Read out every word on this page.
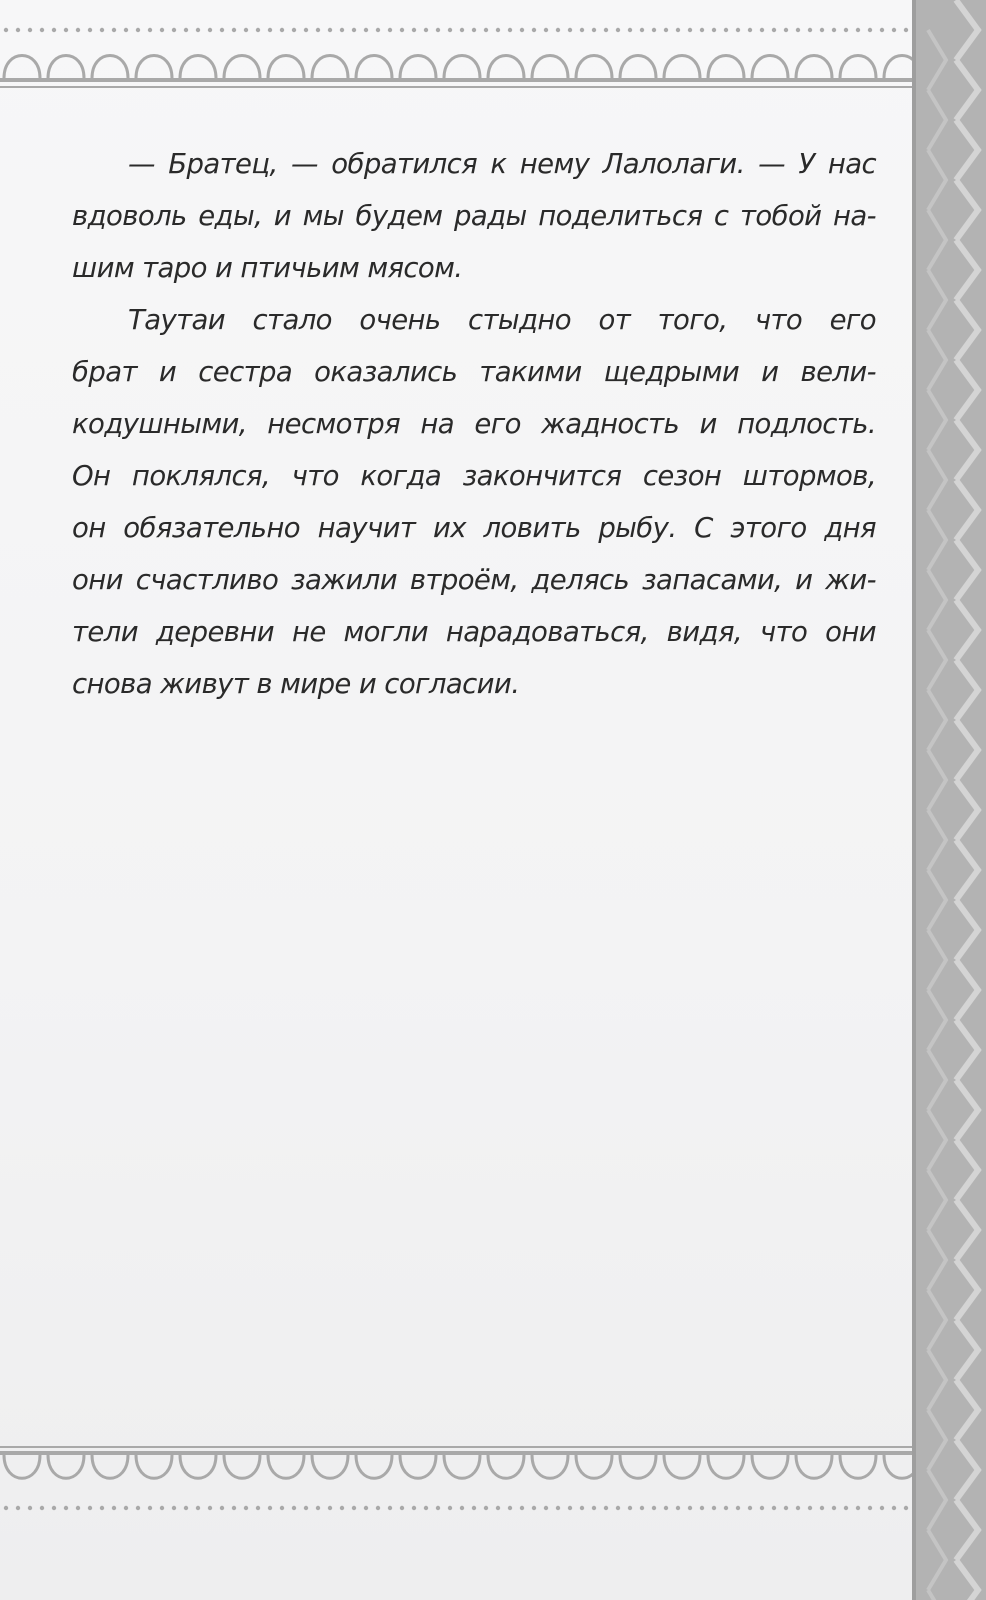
— Братец, — обратился к нему Лалолаги. — У нас
вдоволь еды, и мы будем рады поделиться с тобой на-
шим таро и птичьим мясом.

Таутаи стало очень стыдно от того, что его
брат и сестра оказались такими щедрыми и вели-
кодушными, несмотря на его жадность и подлость.
Он поклялся, что когда закончится сезон штормов,
он обязательно научит их ловить рыбу. С этого дня
они счастливо зажили втроём, делясь запасами, и жи-
тели деревни не могли нарадоваться, видя, что они
снова живут в мире и согласии.
